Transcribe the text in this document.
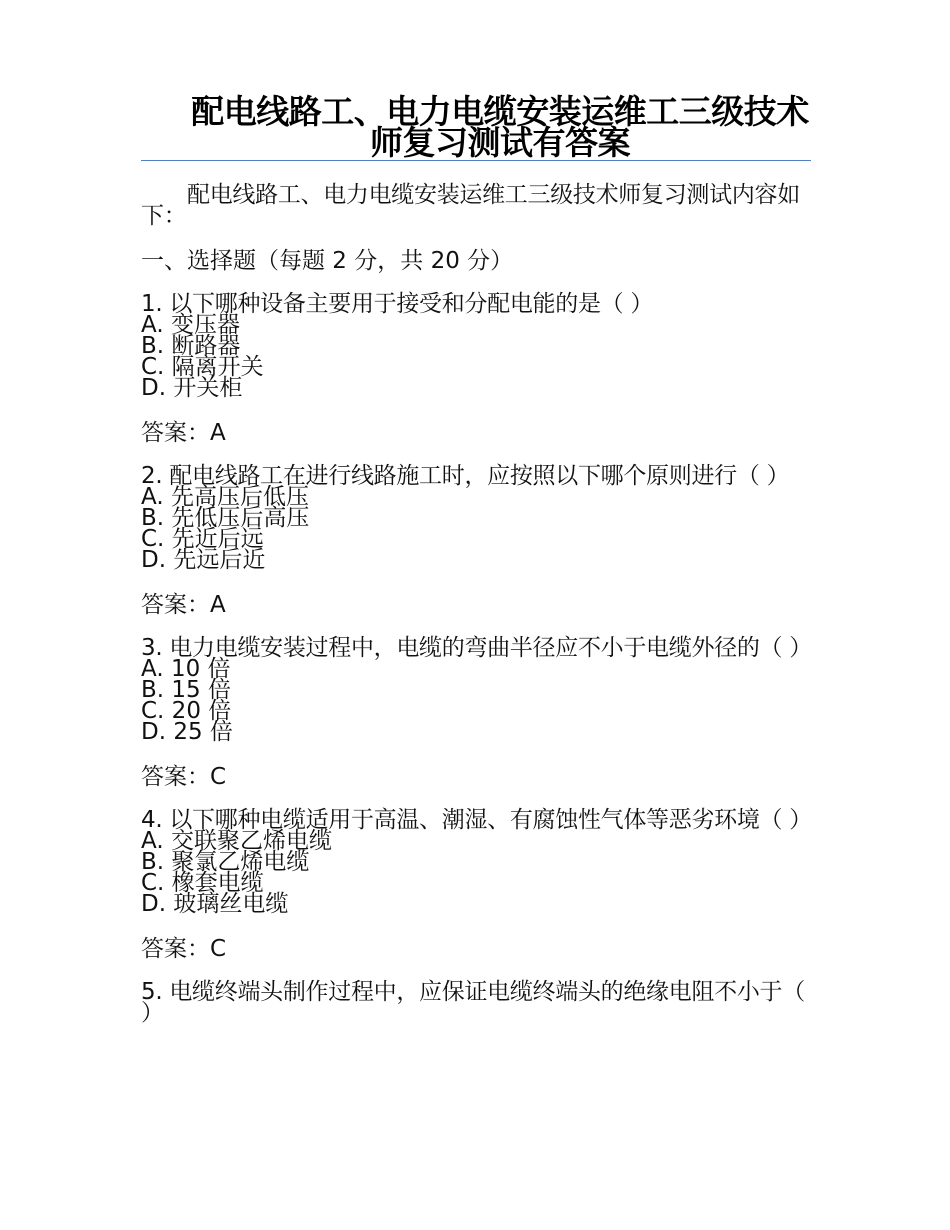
配电线路工、电力电缆安装运维工三级技术师复习测试有答案

配电线路工、电力电缆安装运维工三级技术师复习测试内容如下：

一、选择题（每题 2 分，共 20 分）

1. 以下哪种设备主要用于接受和分配电能的是（ ）

A. 变压器
B. 断路器
C. 隔离开关
D. 开关柜

答案：A

2. 配电线路工在进行线路施工时，应按照以下哪个原则进行（ ）

A. 先高压后低压
B. 先低压后高压
C. 先近后远
D. 先远后近

答案：A

3. 电力电缆安装过程中，电缆的弯曲半径应不小于电缆外径的（ ）

A. 10 倍
B. 15 倍
C. 20 倍
D. 25 倍

答案：C

4. 以下哪种电缆适用于高温、潮湿、有腐蚀性气体等恶劣环境（ ）

A. 交联聚乙烯电缆
B. 聚氯乙烯电缆
C. 橡套电缆
D. 玻璃丝电缆

答案：C

5. 电缆终端头制作过程中，应保证电缆终端头的绝缘电阻不小于（ ）
